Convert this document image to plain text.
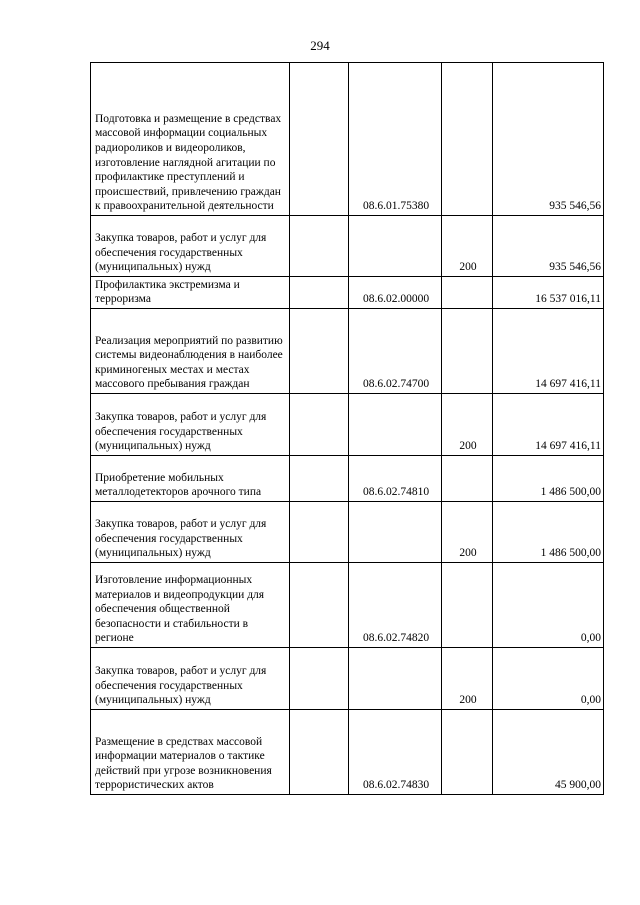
294
Подготовка и размещение в средствах массовой информации социальных радиороликов и видеороликов, изготовление наглядной агитации по профилактике преступлений и происшествий, привлечению граждан к правоохранительной деятельности		08.6.01.75380		935 546,56

Закупка товаров, работ и услуг для обеспечения государственных (муниципальных) нужд			200	935 546,56

Профилактика экстремизма и терроризма		08.6.02.00000		16 537 016,11

Реализация мероприятий по развитию системы видеонаблюдения в наиболее криминогеных местах и местах массового пребывания граждан		08.6.02.74700		14 697 416,11

Закупка товаров, работ и услуг для обеспечения государственных (муниципальных) нужд			200	14 697 416,11

Приобретение мобильных металлодетекторов арочного типа		08.6.02.74810		1 486 500,00

Закупка товаров, работ и услуг для обеспечения государственных (муниципальных) нужд			200	1 486 500,00

Изготовление информационных материалов и видеопродукции для обеспечения общественной безопасности и стабильности в регионе		08.6.02.74820		0,00

Закупка товаров, работ и услуг для обеспечения государственных (муниципальных) нужд			200	0,00

Размещение в средствах массовой информации материалов о тактике действий при угрозе возникновения террористических актов		08.6.02.74830		45 900,00
